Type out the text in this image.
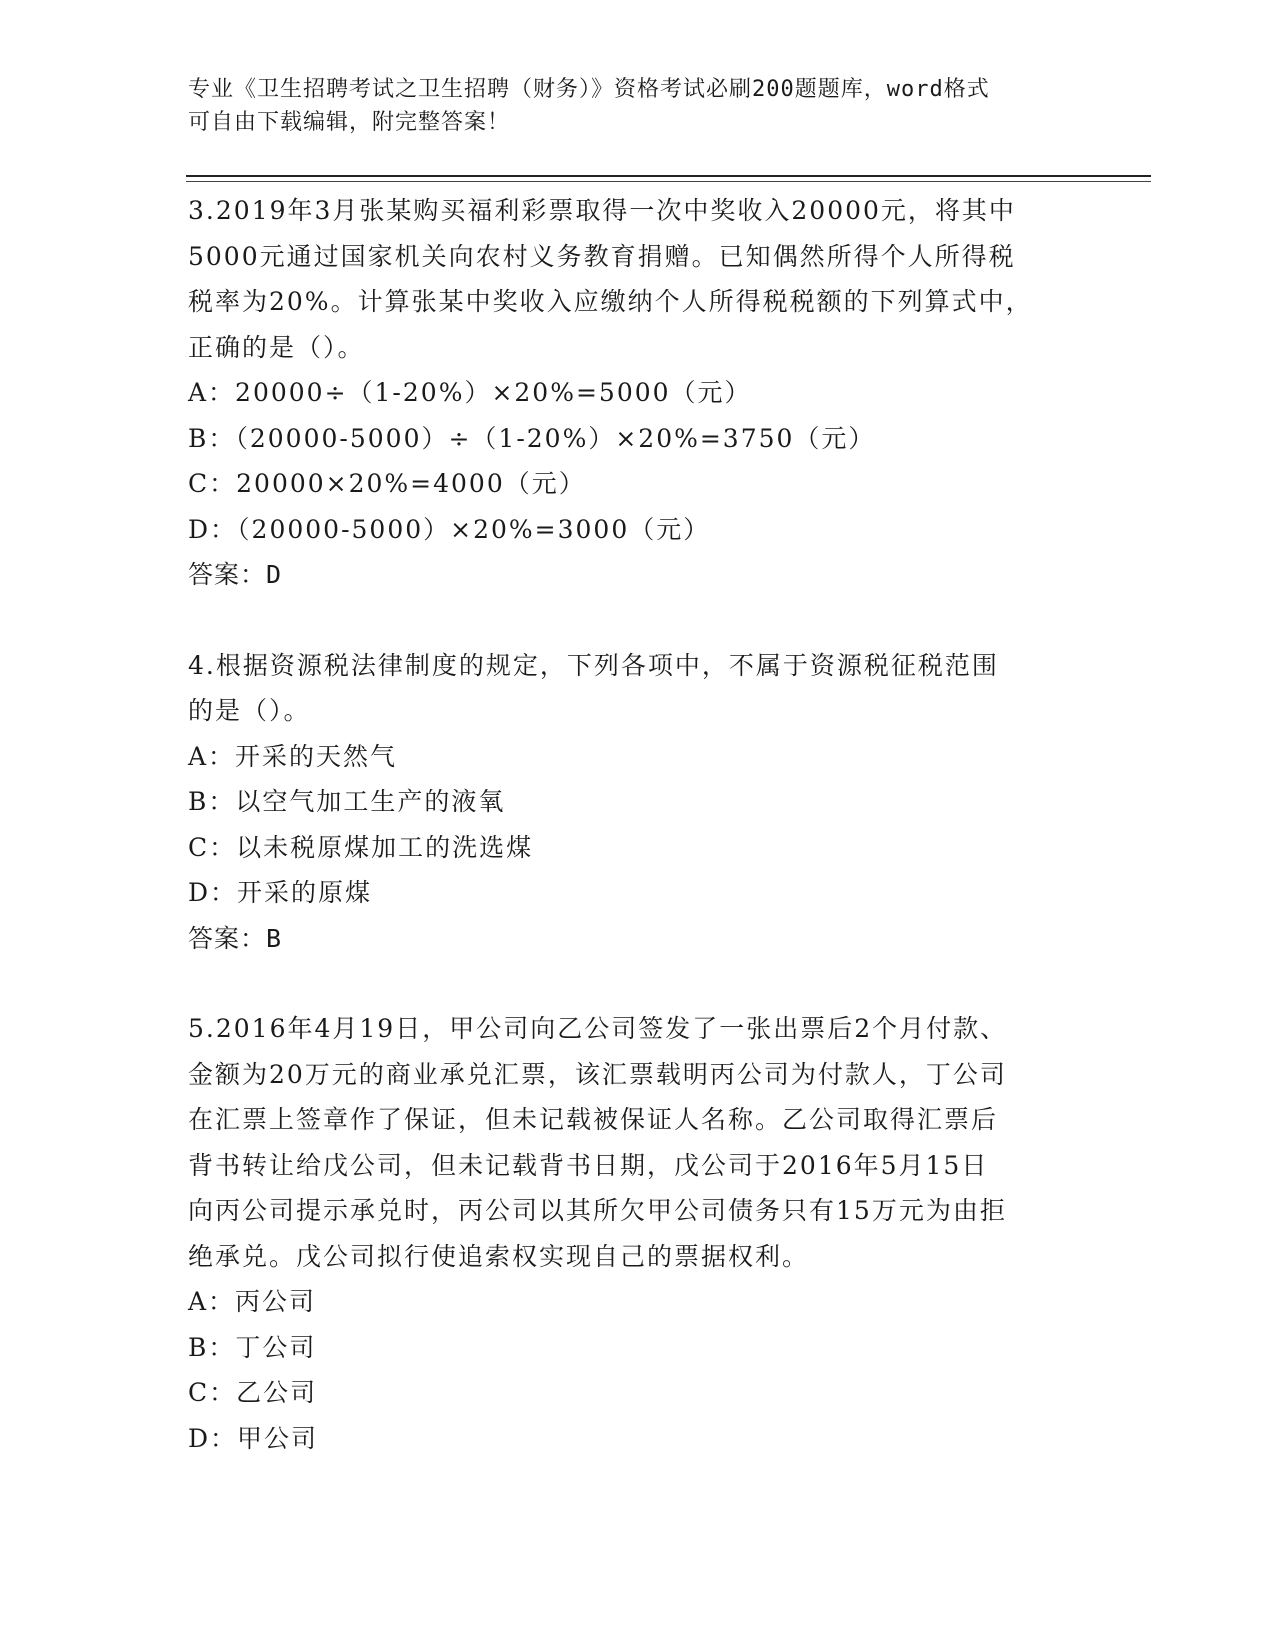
专业《卫生招聘考试之卫生招聘（财务）》资格考试必刷200题题库，word格式
可自由下载编辑，附完整答案！
3.2019年3月张某购买福利彩票取得一次中奖收入20000元，将其中
5000元通过国家机关向农村义务教育捐赠。已知偶然所得个人所得税
税率为20%。计算张某中奖收入应缴纳个人所得税税额的下列算式中，
正确的是（）。
A：20000÷（1-20%）×20%=5000（元）
B：（20000-5000）÷（1-20%）×20%=3750（元）
C：20000×20%=4000（元）
D：（20000-5000）×20%=3000（元）
答案：D
4.根据资源税法律制度的规定，下列各项中，不属于资源税征税范围
的是（）。
A：开采的天然气
B：以空气加工生产的液氧
C：以未税原煤加工的洗选煤
D：开采的原煤
答案：B
5.2016年4月19日，甲公司向乙公司签发了一张出票后2个月付款、
金额为20万元的商业承兑汇票，该汇票载明丙公司为付款人，丁公司
在汇票上签章作了保证，但未记载被保证人名称。乙公司取得汇票后
背书转让给戊公司，但未记载背书日期，戊公司于2016年5月15日
向丙公司提示承兑时，丙公司以其所欠甲公司债务只有15万元为由拒
绝承兑。戊公司拟行使追索权实现自己的票据权利。
A：丙公司
B：丁公司
C：乙公司
D：甲公司
